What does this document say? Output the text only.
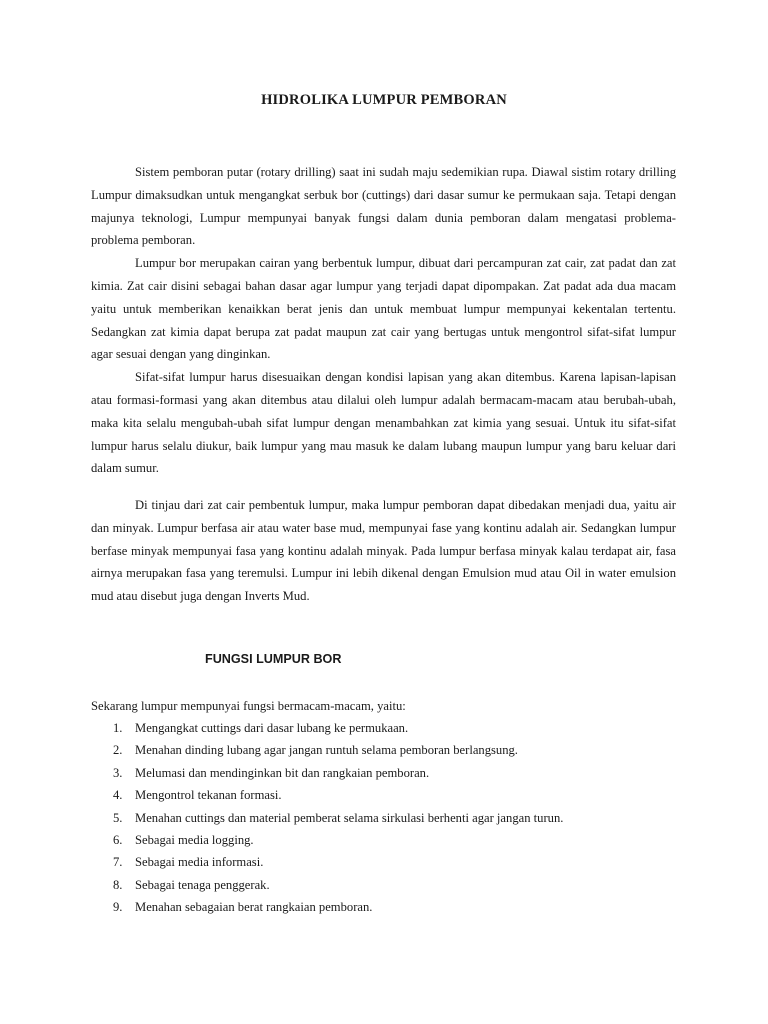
HIDROLIKA LUMPUR PEMBORAN

Sistem pemboran putar (rotary drilling) saat ini sudah maju sedemikian rupa. Diawal sistim rotary drilling Lumpur dimaksudkan untuk mengangkat serbuk bor (cuttings) dari dasar sumur ke permukaan saja. Tetapi dengan majunya teknologi, Lumpur mempunyai banyak fungsi dalam dunia pemboran dalam mengatasi problema-problema pemboran.

Lumpur bor merupakan cairan yang berbentuk lumpur, dibuat dari percampuran zat cair, zat padat dan zat kimia. Zat cair disini sebagai bahan dasar agar lumpur yang terjadi dapat dipompakan. Zat padat ada dua macam yaitu untuk memberikan kenaikkan berat jenis dan untuk membuat lumpur mempunyai kekentalan tertentu. Sedangkan zat kimia dapat berupa zat padat maupun zat cair yang bertugas untuk mengontrol sifat-sifat lumpur agar sesuai dengan yang dinginkan.

Sifat-sifat lumpur harus disesuaikan dengan kondisi lapisan yang akan ditembus. Karena lapisan-lapisan atau formasi-formasi yang akan ditembus atau dilalui oleh lumpur adalah bermacam-macam atau berubah-ubah, maka kita selalu mengubah-ubah sifat lumpur dengan menambahkan zat kimia yang sesuai. Untuk itu sifat-sifat lumpur harus selalu diukur, baik lumpur yang mau masuk ke dalam lubang maupun lumpur yang baru keluar dari dalam sumur.

Di tinjau dari zat cair pembentuk lumpur, maka lumpur pemboran dapat dibedakan menjadi dua, yaitu air dan minyak. Lumpur berfasa air atau water base mud, mempunyai fase yang kontinu adalah air. Sedangkan lumpur berfase minyak mempunyai fasa yang kontinu adalah minyak. Pada lumpur berfasa minyak kalau terdapat air, fasa airnya merupakan fasa yang teremulsi. Lumpur ini lebih dikenal dengan Emulsion mud atau Oil in water emulsion mud atau disebut juga dengan Inverts Mud.

FUNGSI LUMPUR BOR
Sekarang lumpur mempunyai fungsi bermacam-macam, yaitu:
1. Mengangkat cuttings dari dasar lubang ke permukaan.
2. Menahan dinding lubang agar jangan runtuh selama pemboran berlangsung.
3. Melumasi dan mendinginkan bit dan rangkaian pemboran.
4. Mengontrol tekanan formasi.
5. Menahan cuttings dan material pemberat selama sirkulasi berhenti agar jangan turun.
6. Sebagai media logging.
7. Sebagai media informasi.
8. Sebagai tenaga penggerak.
9. Menahan sebagaian berat rangkaian pemboran.
